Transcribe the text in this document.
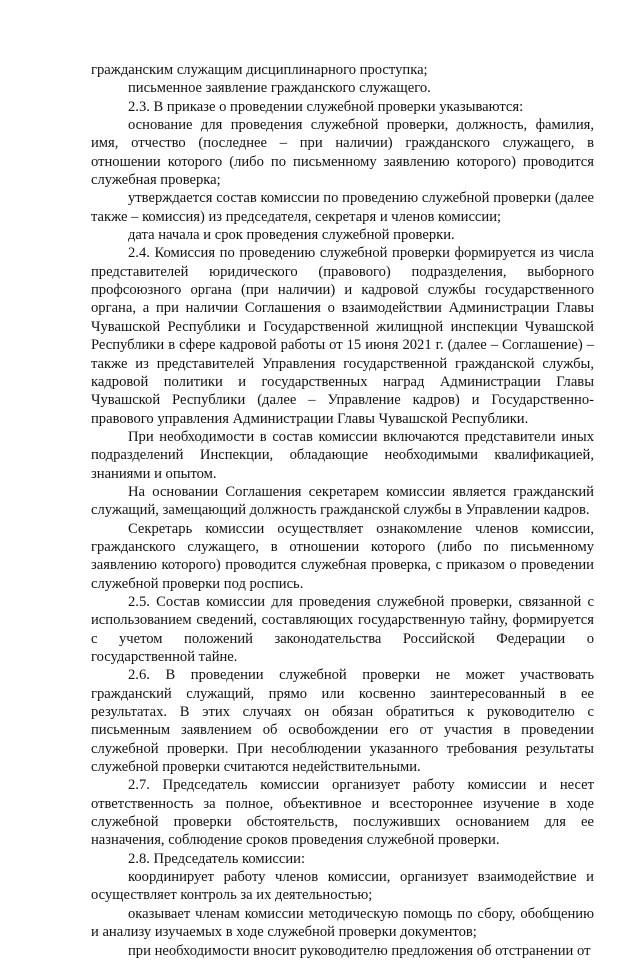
гражданским служащим дисциплинарного проступка;

письменное заявление гражданского служащего.

2.3. В приказе о проведении служебной проверки указываются:

основание для проведения служебной проверки, должность, фамилия, имя, отчество (последнее – при наличии) гражданского служащего, в отношении которого (либо по письменному заявлению которого) проводится служебная проверка;

утверждается состав комиссии по проведению служебной проверки (далее также – комиссия) из председателя, секретаря и членов комиссии;

дата начала и срок проведения служебной проверки.

2.4. Комиссия по проведению служебной проверки формируется из числа представителей юридического (правового) подразделения, выборного профсоюзного органа (при наличии) и кадровой службы государственного органа, а при наличии Соглашения о взаимодействии Администрации Главы Чувашской Республики и Государственной жилищной инспекции Чувашской Республики в сфере кадровой работы от 15 июня 2021 г. (далее – Соглашение) – также из представителей Управления государственной гражданской службы, кадровой политики и государственных наград Администрации Главы Чувашской Республики (далее – Управление кадров) и Государственно-правового управления Администрации Главы Чувашской Республики.

При необходимости в состав комиссии включаются представители иных подразделений Инспекции, обладающие необходимыми квалификацией, знаниями и опытом.

На основании Соглашения секретарем комиссии является гражданский служащий, замещающий должность гражданской службы в Управлении кадров.

Секретарь комиссии осуществляет ознакомление членов комиссии, гражданского служащего, в отношении которого (либо по письменному заявлению которого) проводится служебная проверка, с приказом о проведении служебной проверки под роспись.

2.5. Состав комиссии для проведения служебной проверки, связанной с использованием сведений, составляющих государственную тайну, формируется с учетом положений законодательства Российской Федерации о государственной тайне.

2.6. В проведении служебной проверки не может участвовать гражданский служащий, прямо или косвенно заинтересованный в ее результатах. В этих случаях он обязан обратиться к руководителю с письменным заявлением об освобождении его от участия в проведении служебной проверки. При несоблюдении указанного требования результаты служебной проверки считаются недействительными.

2.7. Председатель комиссии организует работу комиссии и несет ответственность за полное, объективное и всестороннее изучение в ходе служебной проверки обстоятельств, послуживших основанием для ее назначения, соблюдение сроков проведения служебной проверки.

2.8. Председатель комиссии:

координирует работу членов комиссии, организует взаимодействие и осуществляет контроль за их деятельностью;

оказывает членам комиссии методическую помощь по сбору, обобщению и анализу изучаемых в ходе служебной проверки документов;

при необходимости вносит руководителю предложения об отстранении от
